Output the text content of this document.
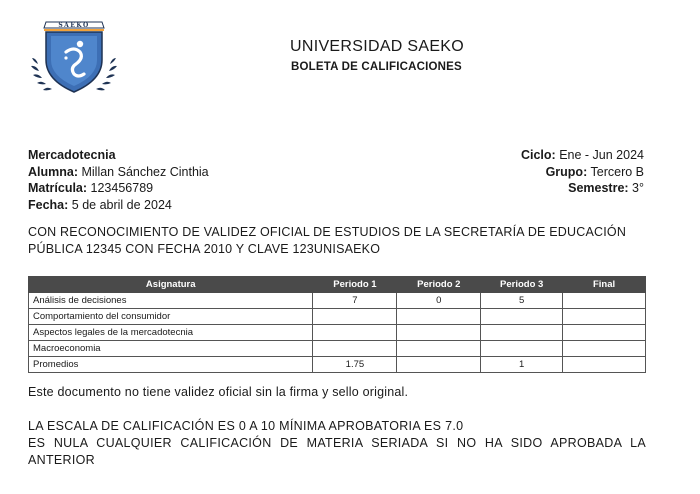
SAEKO
UNIVERSIDAD SAEKO
BOLETA DE CALIFICACIONES
Mercadotecnia
Alumna: Millan Sánchez Cinthia
Matrícula: 123456789
Fecha: 5 de abril de 2024
Ciclo: Ene - Jun 2024
Grupo: Tercero B
Semestre: 3°
CON RECONOCIMIENTO DE VALIDEZ OFICIAL DE ESTUDIOS DE LA SECRETARÍA DE EDUCACIÓN PÚBLICA 12345 CON FECHA 2010 Y CLAVE 123UNISAEKO
Asignatura	Periodo 1	Periodo 2	Periodo 3	Final
Análisis de decisiones	7	0	5	
Comportamiento del consumidor				
Aspectos legales de la mercadotecnia				
Macroeconomia				
Promedios	1.75		1	
Este documento no tiene validez oficial sin la firma y sello original.
LA ESCALA DE CALIFICACIÓN ES 0 A 10 MÍNIMA APROBATORIA ES 7.0
ES NULA CUALQUIER CALIFICACIÓN DE MATERIA SERIADA SI NO HA SIDO APROBADA LA ANTERIOR
